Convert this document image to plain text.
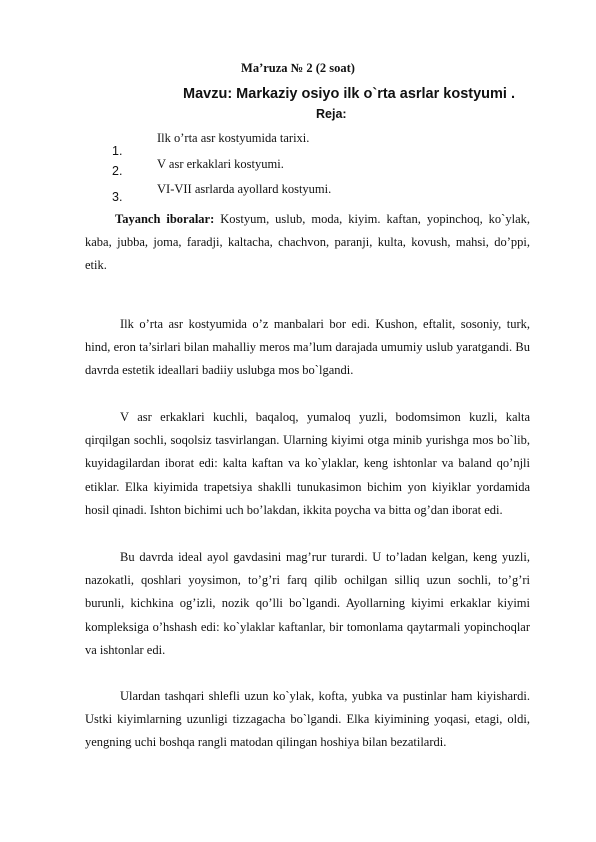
Ma’ruza № 2 (2 soat)
Mavzu: Markaziy osiyo ilk o`rta asrlar kostyumi .
Reja:
1.
Ilk o’rta asr kostyumida tarixi.
2.	V asr erkaklari kostyumi.
3.
VI-VII asrlarda ayollard kostyumi.
Tayanch iboralar: Kostyum, uslub, moda, kiyim. kaftan, yopinchoq, ko`ylak, kaba, jubba, joma, faradji, kaltacha, chachvon, paranji, kulta, kovush, mahsi, do’ppi, etik.
Ilk o’rta asr kostyumida o’z manbalari bor edi. Kushon, eftalit, sosoniy, turk, hind, eron ta’sirlari bilan mahalliy meros ma’lum darajada umumiy uslub yaratgandi. Bu davrda estetik ideallari badiiy uslubga mos bo`lgandi.
V asr erkaklari kuchli, baqaloq, yumaloq yuzli, bodomsimon kuzli, kalta qirqilgan sochli, soqolsiz tasvirlangan. Ularning kiyimi otga minib yurishga mos bo`lib, kuyidagilardan iborat edi: kalta kaftan va ko`ylaklar, keng ishtonlar va baland qo’njli etiklar. Elka kiyimida trapetsiya shaklli tunukasimon bichim yon kiyiklar yordamida hosil qinadi. Ishton bichimi uch bo’lakdan, ikkita poycha va bitta og’dan iborat edi.
Bu davrda ideal ayol gavdasini mag’rur turardi. U to’ladan kelgan, keng yuzli, nazokatli, qoshlari yoysimon, to’g’ri farq qilib ochilgan silliq uzun sochli, to’g’ri burunli, kichkina og’izli, nozik qo’lli bo`lgandi. Ayollarning kiyimi erkaklar kiyimi kompleksiga o’hshash edi: ko`ylaklar kaftanlar, bir tomonlama qaytarmali yopinchoqlar va ishtonlar edi.
Ulardan tashqari shlefli uzun ko`ylak, kofta, yubka va pustinlar ham kiyishardi. Ustki kiyimlarning uzunligi tizzagacha bo`lgandi. Elka kiyimining yoqasi, etagi, oldi, yengning uchi boshqa rangli matodan qilingan hoshiya bilan bezatilardi.
